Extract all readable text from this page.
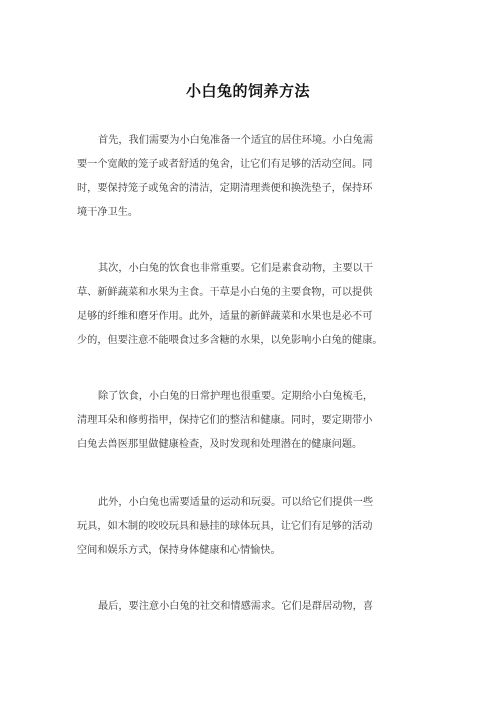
小白兔的饲养方法
首先，我们需要为小白兔准备一个适宜的居住环境。小白兔需
要一个宽敞的笼子或者舒适的兔舍，让它们有足够的活动空间。同
时，要保持笼子或兔舍的清洁，定期清理粪便和换洗垫子，保持环
境干净卫生。
其次，小白兔的饮食也非常重要。它们是素食动物，主要以干
草、新鲜蔬菜和水果为主食。干草是小白兔的主要食物，可以提供
足够的纤维和磨牙作用。此外，适量的新鲜蔬菜和水果也是必不可
少的，但要注意不能喂食过多含糖的水果，以免影响小白兔的健康。
除了饮食，小白兔的日常护理也很重要。定期给小白兔梳毛，
清理耳朵和修剪指甲，保持它们的整洁和健康。同时，要定期带小
白兔去兽医那里做健康检查，及时发现和处理潜在的健康问题。
此外，小白兔也需要适量的运动和玩耍。可以给它们提供一些
玩具，如木制的咬咬玩具和悬挂的球体玩具，让它们有足够的活动
空间和娱乐方式，保持身体健康和心情愉快。
最后，要注意小白兔的社交和情感需求。它们是群居动物，喜
